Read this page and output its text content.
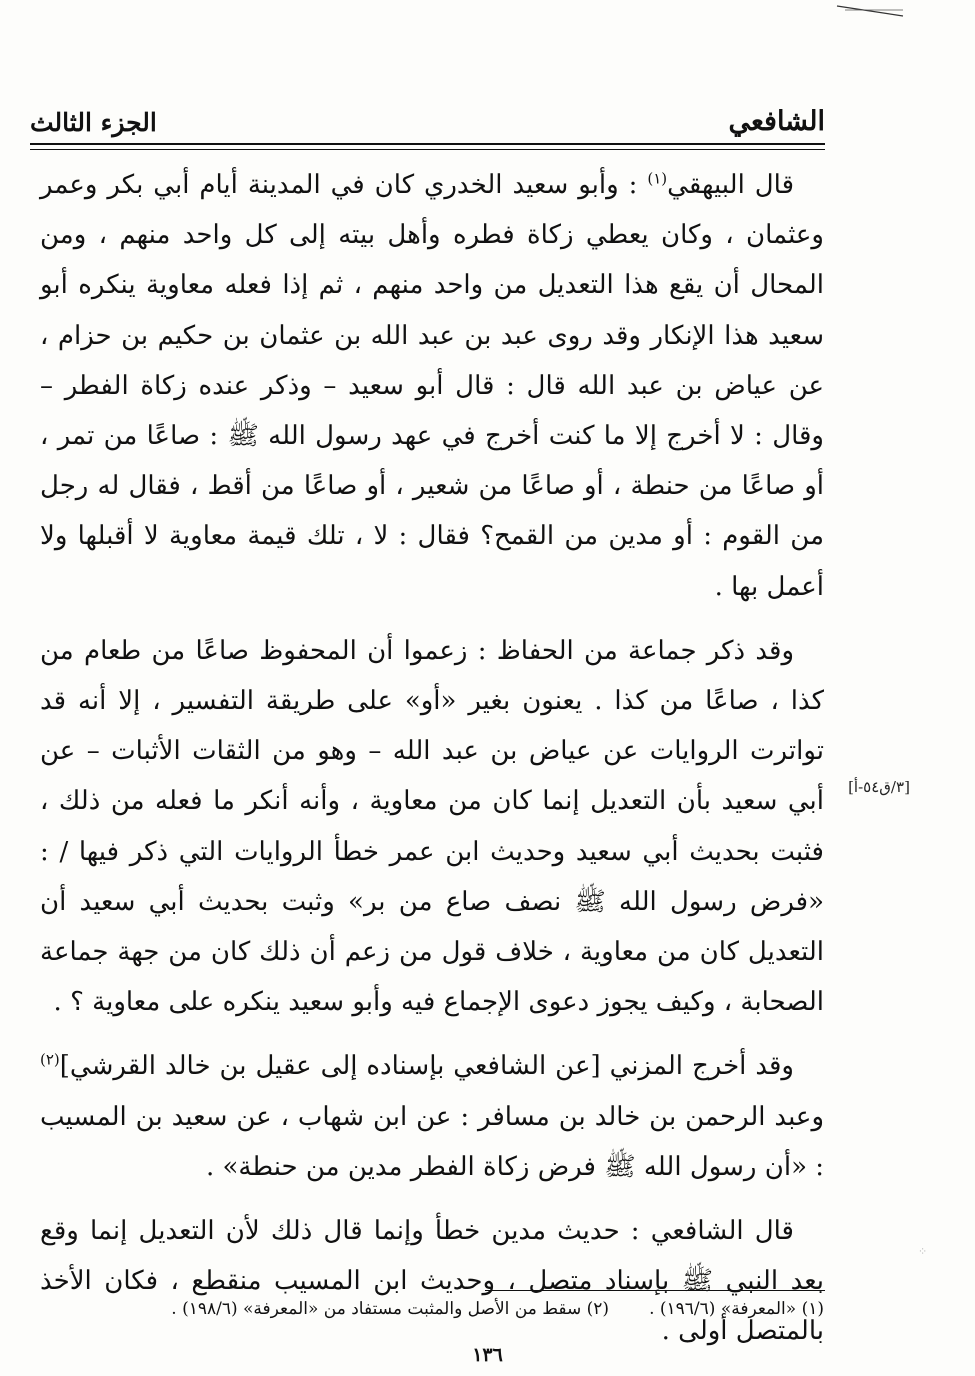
الشافعي
الجزء الثالث

قال البيهقي$^{(١)}$ : وأبو سعيد الخدري كان في المدينة أيام أبي بكر وعمر وعثمان ، وكان يعطي زكاة فطره وأهل بيته إلى كل واحد منهم ، ومن المحال أن يقع هذا التعديل من واحد منهم ، ثم إذا فعله معاوية ينكره أبو سعيد هذا الإنكار وقد روى عبد بن عبد الله بن عثمان بن حكيم بن حزام ، عن عياض بن عبد الله قال : قال أبو سعيد – وذكر عنده زكاة الفطر – وقال : لا أخرج إلا ما كنت أخرج في عهد رسول الله ﷺ : صاعًا من تمر ، أو صاعًا من حنطة ، أو صاعًا من شعير ، أو صاعًا من أقط ، فقال له رجل من القوم : أو مدين من القمح؟ فقال : لا ، تلك قيمة معاوية لا أقبلها ولا أعمل بها .

وقد ذكر جماعة من الحفاظ : زعموا أن المحفوظ صاعًا من طعام من كذا ، صاعًا من كذا . يعنون بغير «أو» على طريقة التفسير ، إلا أنه قد تواترت الروايات عن عياض بن عبد الله – وهو من الثقات الأثبات – عن أبي سعيد بأن التعديل إنما كان من معاوية ، وأنه أنكر ما فعله من ذلك ، فثبت بحديث أبي سعيد وحديث ابن عمر خطأ الروايات التي ذكر فيها / : «فرض رسول الله ﷺ نصف صاع من بر» وثبت بحديث أبي سعيد أن التعديل كان من معاوية ، خلاف قول من زعم أن ذلك كان من جهة جماعة الصحابة ، وكيف يجوز دعوى الإجماع فيه وأبو سعيد ينكره على معاوية ؟ .

وقد أخرج المزني [عن الشافعي بإسناده إلى عقيل بن خالد القرشي]$^{(٢)}$ وعبد الرحمن بن خالد بن مسافر : عن ابن شهاب ، عن سعيد بن المسيب : «أن رسول الله ﷺ فرض زكاة الفطر مدين من حنطة» .

قال الشافعي : حديث مدين خطأ وإنما قال ذلك لأن التعديل إنما وقع بعد النبي ﷺ بإسناد متصل ، وحديث ابن المسيب منقطع ، فكان الأخذ بالمتصل أولى .

[٣/ق٥٤-أ]
⁘
(١) «المعرفة» (١٩٦/٦) .
(٢) سقط من الأصل والمثبت مستفاد من «المعرفة» (١٩٨/٦) .
١٣٦
